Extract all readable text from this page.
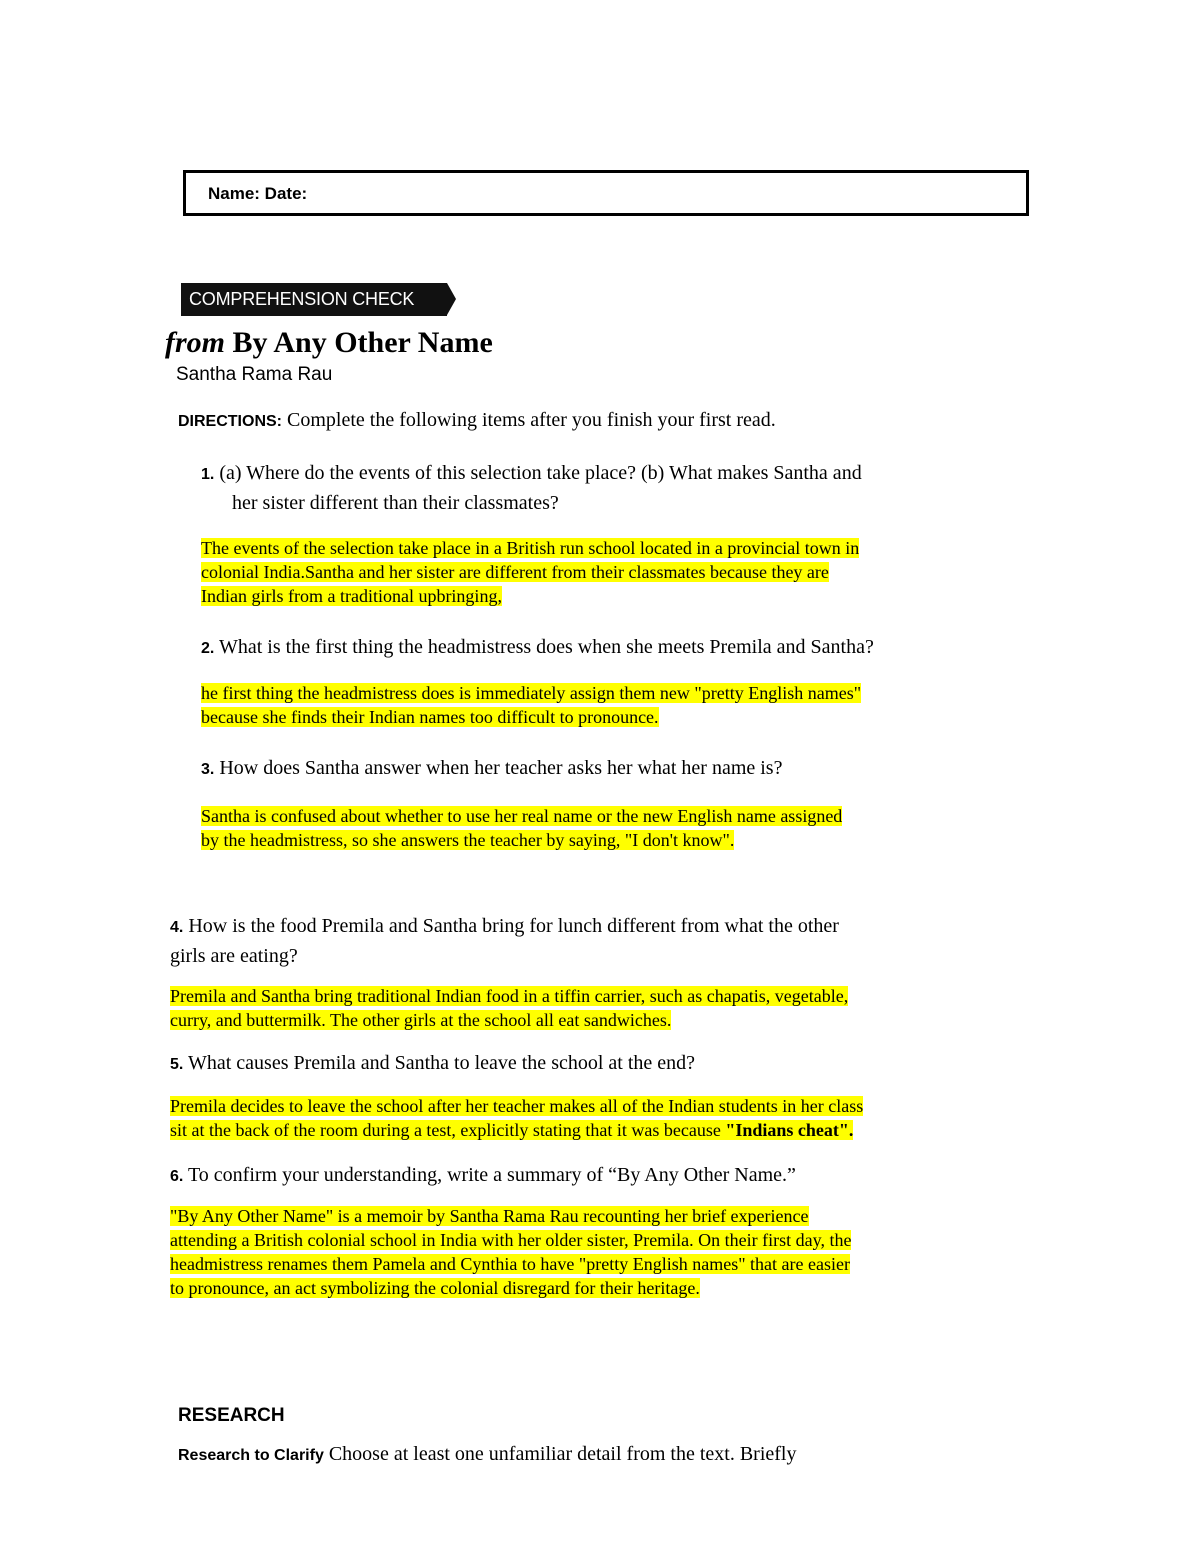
Name: Date:
COMPREHENSION CHECK
from By Any Other Name
Santha Rama Rau
DIRECTIONS: Complete the following items after you finish your first read.
1. (a) Where do the events of this selection take place? (b) What makes Santha and
her sister different than their classmates?
The events of the selection take place in a British run school located in a provincial town in
colonial India.Santha and her sister are different from their classmates because they are
Indian girls from a traditional upbringing,
2. What is the first thing the headmistress does when she meets Premila and Santha?
he first thing the headmistress does is immediately assign them new "pretty English names"
because she finds their Indian names too difficult to pronounce.
3. How does Santha answer when her teacher asks her what her name is?
Santha is confused about whether to use her real name or the new English name assigned
by the headmistress, so she answers the teacher by saying, "I don't know".
4. How is the food Premila and Santha bring for lunch different from what the other
girls are eating?
Premila and Santha bring traditional Indian food in a tiffin carrier, such as chapatis, vegetable,
curry, and buttermilk. The other girls at the school all eat sandwiches.
5. What causes Premila and Santha to leave the school at the end?
Premila decides to leave the school after her teacher makes all of the Indian students in her class
sit at the back of the room during a test, explicitly stating that it was because "Indians cheat".
6. To confirm your understanding, write a summary of “By Any Other Name.”
"By Any Other Name" is a memoir by Santha Rama Rau recounting her brief experience
attending a British colonial school in India with her older sister, Premila. On their first day, the
headmistress renames them Pamela and Cynthia to have "pretty English names" that are easier
to pronounce, an act symbolizing the colonial disregard for their heritage.
RESEARCH
Research to Clarify Choose at least one unfamiliar detail from the text. Briefly
